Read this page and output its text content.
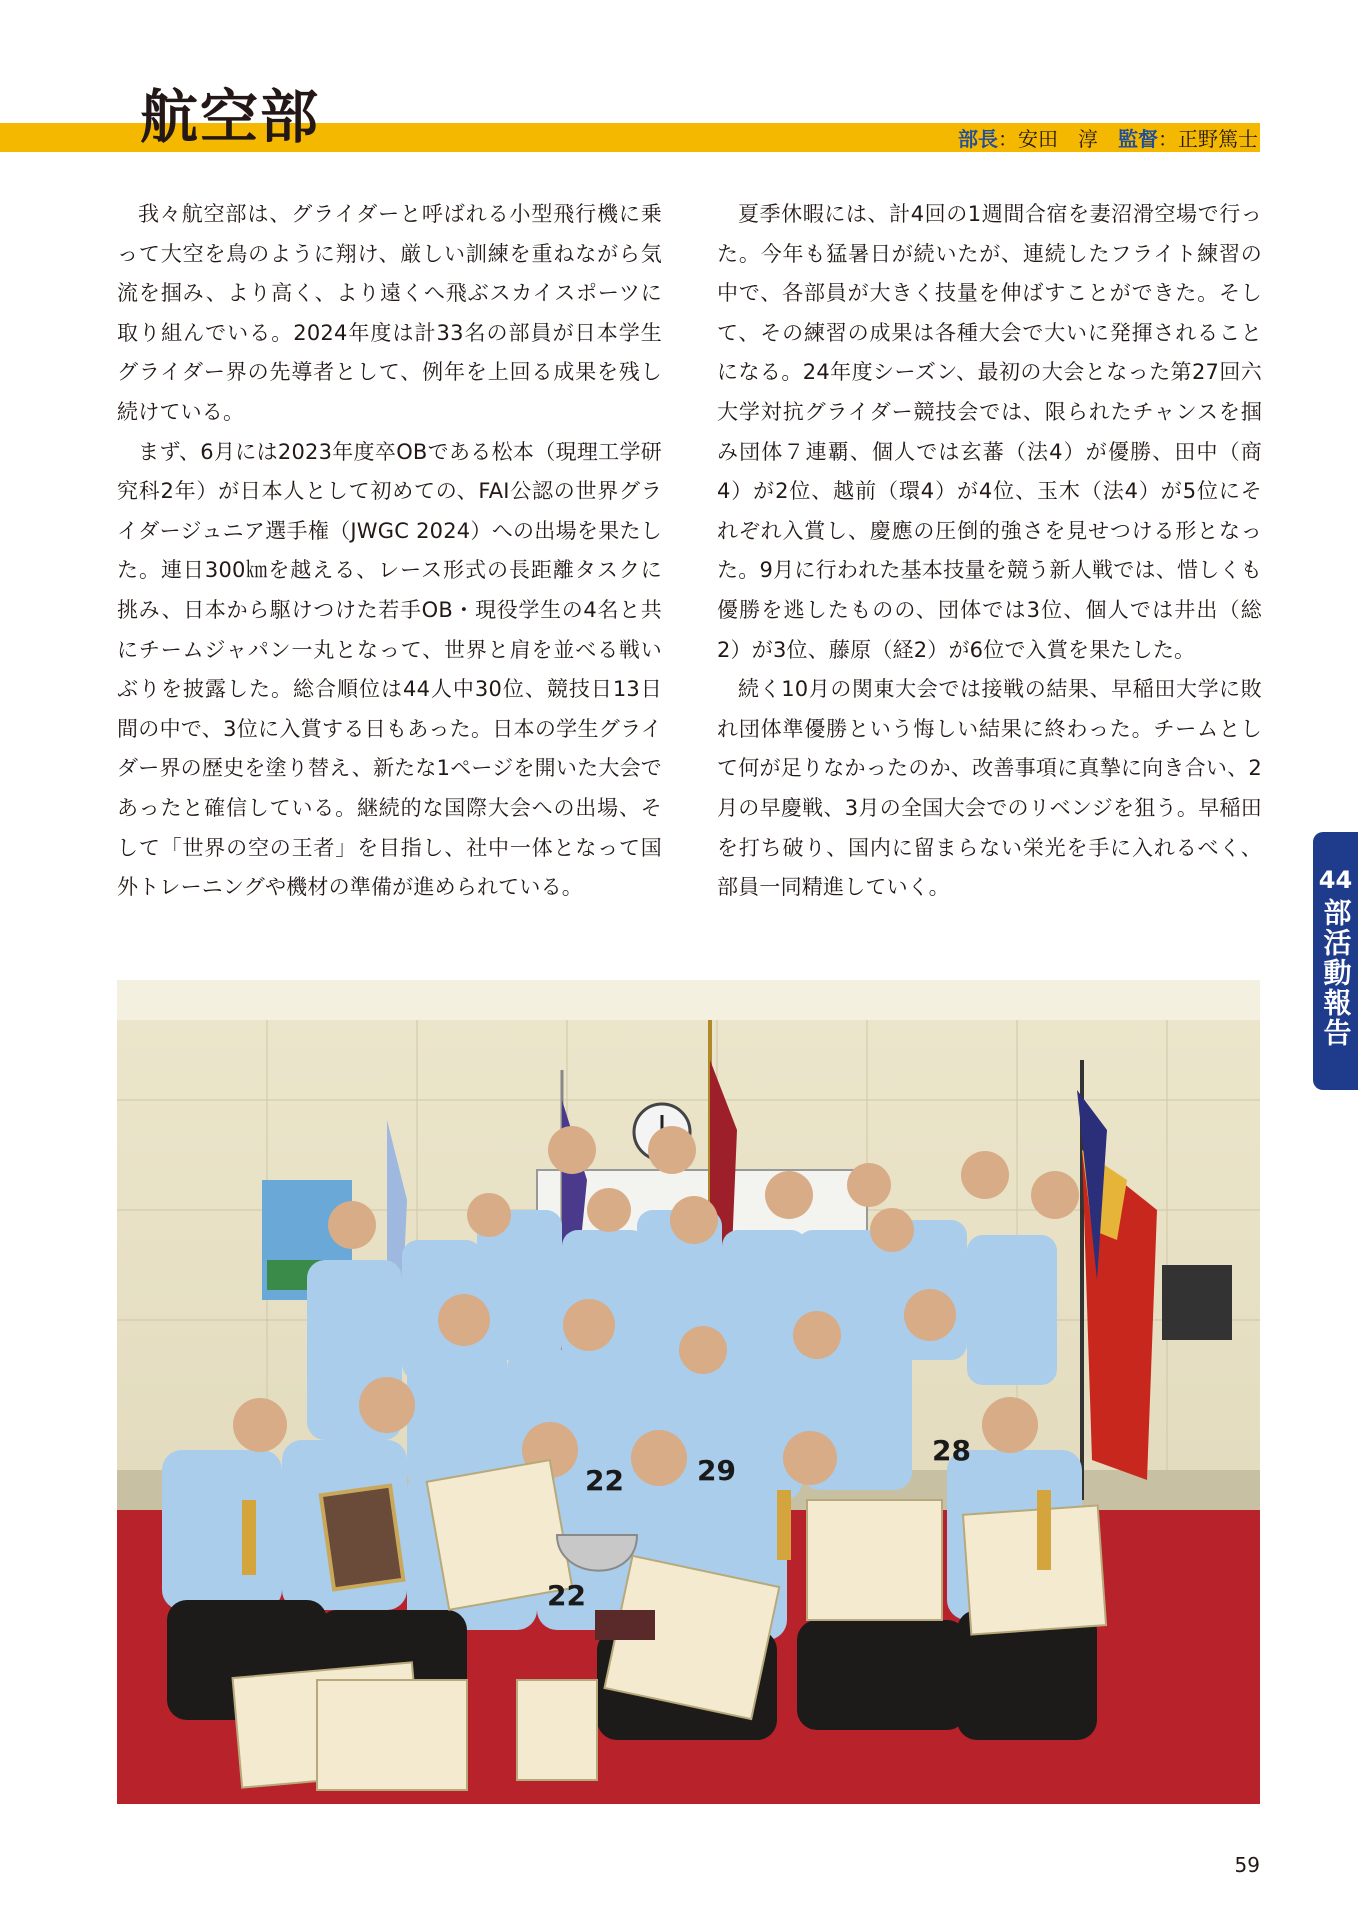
航空部	部長 ： 安田　淳 監督 ： 正野篤士

我々航空部は、グライダーと呼ばれる小型飛行機に乗って大空を鳥のように翔け、厳しい訓練を重ねながら気流を掴み、より高く、より遠くへ飛ぶスカイスポーツに取り組んでいる。2024年度は計33名の部員が日本学生グライダー界の先導者として、例年を上回る成果を残し続けている。

まず、6月には2023年度卒OBである松本（現理工学研究科2年）が日本人として初めての、FAI公認の世界グライダージュニア選手権（JWGC 2024）への出場を果たした。連日300㎞を越える、レース形式の長距離タスクに挑み、日本から駆けつけた若手OB・現役学生の4名と共にチームジャパン一丸となって、世界と肩を並べる戦いぶりを披露した。総合順位は44人中30位、競技日13日間の中で、3位に入賞する日もあった。日本の学生グライダー界の歴史を塗り替え、新たな1ページを開いた大会であったと確信している。継続的な国際大会への出場、そして「世界の空の王者」を目指し、社中一体となって国外トレーニングや機材の準備が進められている。

夏季休暇には、計4回の1週間合宿を妻沼滑空場で行った。今年も猛暑日が続いたが、連続したフライト練習の中で、各部員が大きく技量を伸ばすことができた。そして、その練習の成果は各種大会で大いに発揮されることになる。24年度シーズン、最初の大会となった第27回六大学対抗グライダー競技会では、限られたチャンスを掴み団体７連覇、個人では玄蕃（法4）が優勝、田中（商4）が2位、越前（環4）が4位、玉木（法4）が5位にそれぞれ入賞し、慶應の圧倒的強さを見せつける形となった。9月に行われた基本技量を競う新人戦では、惜しくも優勝を逃したものの、団体では3位、個人では井出（総2）が3位、藤原（経2）が6位で入賞を果たした。

続く10月の関東大会では接戦の結果、早稲田大学に敗れ団体準優勝という悔しい結果に終わった。チームとして何が足りなかったのか、改善事項に真摯に向き合い、2月の早慶戦、3月の全国大会でのリベンジを狙う。早稲田を打ち破り、国内に留まらない栄光を手に入れるべく、部員一同精進していく。	44
部活動報告
22	29
28
22
59
